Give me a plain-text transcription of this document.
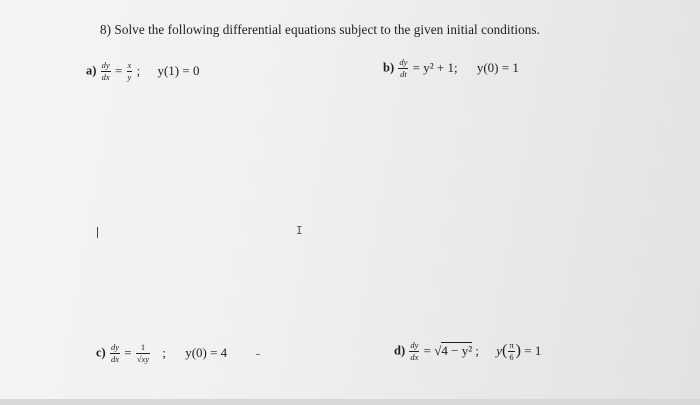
8) Solve the following differential equations subject to the given initial conditions.
$a) \frac{dy}{dx} = \frac{x}{y}$ ; y(1) = 0	$b) \frac{dy}{dt} = y^2 + 1$; y(0) = 1
$c) \frac{dy}{dx} = \frac{1}{√xy}$ ; y(0) = 4	$d) \frac{dy}{dx} = √4 - y^2$ ; $y( \frac{\pi}{6}$ ) = 1
I
